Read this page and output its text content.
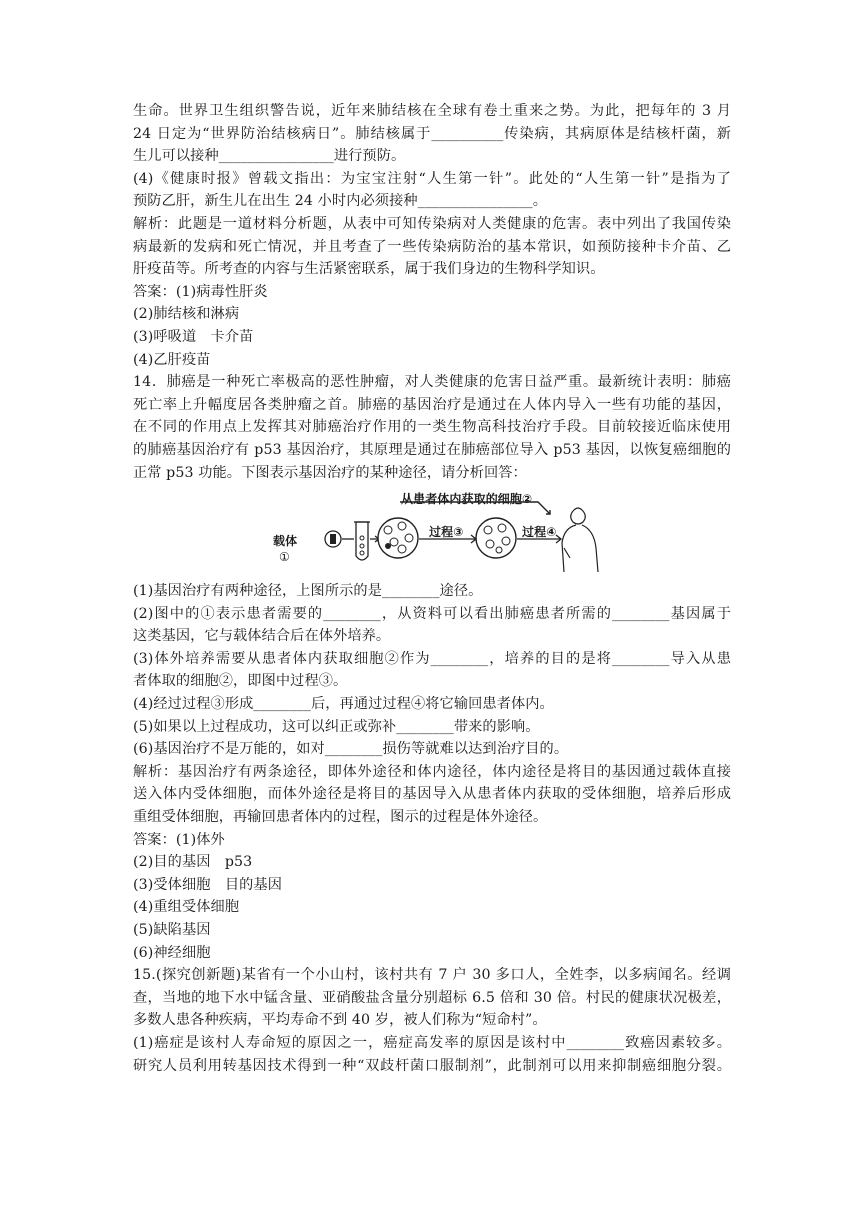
生命。世界卫生组织警告说，近年来肺结核在全球有卷土重来之势。为此，把每年的 3 月
24 日定为“世界防治结核病日”。肺结核属于__________传染病，其病原体是结核杆菌，新
生儿可以接种________________进行预防。
(4)《健康时报》曾载文指出：为宝宝注射“人生第一针”。此处的“人生第一针”是指为了
预防乙肝，新生儿在出生 24 小时内必须接种________________。
解析：此题是一道材料分析题，从表中可知传染病对人类健康的危害。表中列出了我国传染
病最新的发病和死亡情况，并且考查了一些传染病防治的基本常识，如预防接种卡介苗、乙
肝疫苗等。所考查的内容与生活紧密联系，属于我们身边的生物科学知识。
答案：(1)病毒性肝炎
(2)肺结核和淋病
(3)呼吸道　卡介苗
(4)乙肝疫苗
14．肺癌是一种死亡率极高的恶性肿瘤，对人类健康的危害日益严重。最新统计表明：肺癌
死亡率上升幅度居各类肿瘤之首。肺癌的基因治疗是通过在人体内导入一些有功能的基因，
在不同的作用点上发挥其对肺癌治疗作用的一类生物高科技治疗手段。目前较接近临床使用
的肺癌基因治疗有 p53 基因治疗，其原理是通过在肺癌部位导入 p53 基因，以恢复癌细胞的
正常 p53 功能。下图表示基因治疗的某种途径，请分析回答：
从患者体内获取的细胞②
载体
①
过程③	过程④
(1)基因治疗有两种途径，上图所示的是________途径。
(2)图中的①表示患者需要的________，从资料可以看出肺癌患者所需的________基因属于
这类基因，它与载体结合后在体外培养。
(3)体外培养需要从患者体内获取细胞②作为________，培养的目的是将________导入从患
者体取的细胞②，即图中过程③。
(4)经过过程③形成________后，再通过过程④将它输回患者体内。
(5)如果以上过程成功，这可以纠正或弥补________带来的影响。
(6)基因治疗不是万能的，如对________损伤等就难以达到治疗目的。
解析：基因治疗有两条途径，即体外途径和体内途径，体内途径是将目的基因通过载体直接
送入体内受体细胞，而体外途径是将目的基因导入从患者体内获取的受体细胞，培养后形成
重组受体细胞，再输回患者体内的过程，图示的过程是体外途径。
答案：(1)体外
(2)目的基因　p53
(3)受体细胞　目的基因
(4)重组受体细胞
(5)缺陷基因
(6)神经细胞
15.(探究创新题)某省有一个小山村，该村共有 7 户 30 多口人，全姓李，以多病闻名。经调
查，当地的地下水中锰含量、亚硝酸盐含量分别超标 6.5 倍和 30 倍。村民的健康状况极差，
多数人患各种疾病，平均寿命不到 40 岁，被人们称为“短命村”。
(1)癌症是该村人寿命短的原因之一，癌症高发率的原因是该村中________致癌因素较多。
研究人员利用转基因技术得到一种“双歧杆菌口服制剂”，此制剂可以用来抑制癌细胞分裂。
